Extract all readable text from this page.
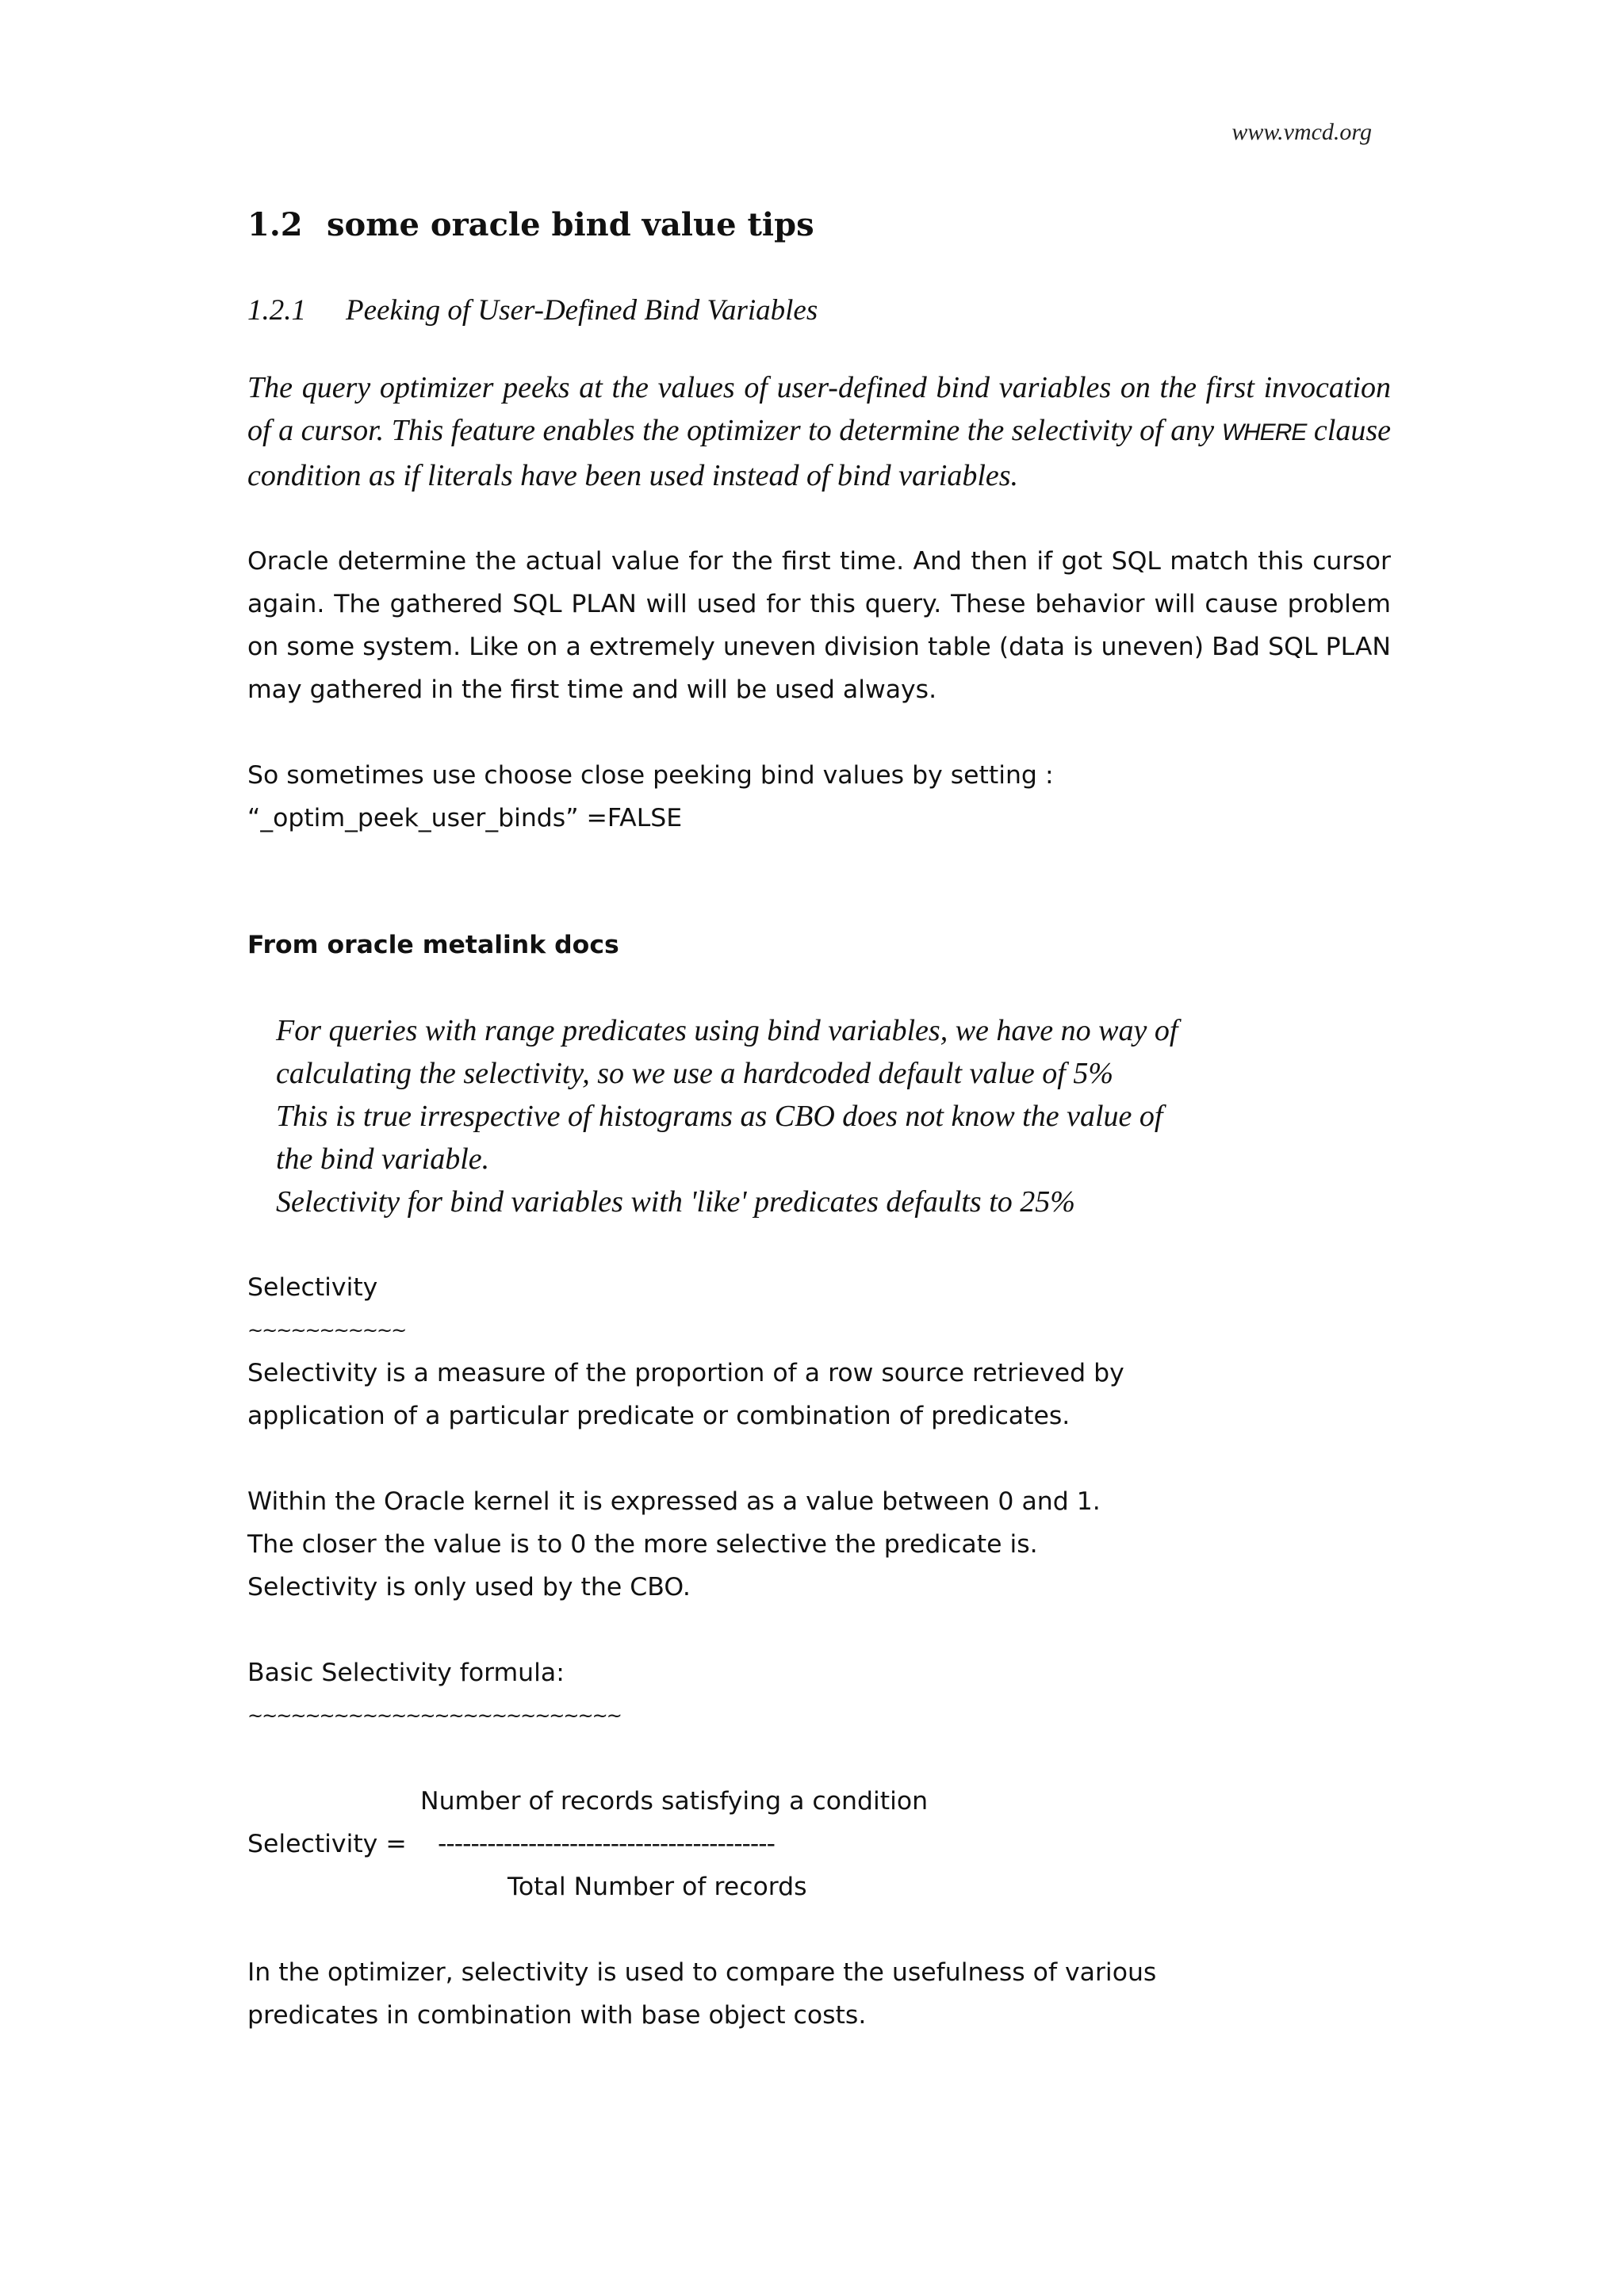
www.vmcd.org
1.2 some oracle bind value tips
1.2.1	Peeking of User-Defined Bind Variables

The query optimizer peeks at the values of user-defined bind variables on the first invocation of a cursor. This feature enables the optimizer to determine the selectivity of any WHERE clause condition as if literals have been used instead of bind variables.

Oracle determine the actual value for the first time. And then if got SQL match this cursor again. The gathered SQL PLAN will used for this query. These behavior will cause problem on some system. Like on a extremely uneven division table (data is uneven) Bad SQL PLAN may gathered in the first time and will be used always.

So sometimes use choose close peeking bind values by setting :
“_optim_peek_user_binds” =FALSE
From oracle metalink docs
For queries with range predicates using bind variables, we have no way of
calculating the selectivity, so we use a hardcoded default value of 5%
This is true irrespective of histograms as CBO does not know the value of
the bind variable.
Selectivity for bind variables with 'like' predicates defaults to 25%
Selectivity
~~~~~~~~~~~
Selectivity is a measure of the proportion of a row source retrieved by
application of a particular predicate or combination of predicates.
Within the Oracle kernel it is expressed as a value between 0 and 1.
The closer the value is to 0 the more selective the predicate is.
Selectivity is only used by the CBO.
Basic Selectivity formula:
~~~~~~~~~~~~~~~~~~~~~~~~~~
Number of records satisfying a condition
Selectivity = -----------------------------------------
Total Number of records
In the optimizer, selectivity is used to compare the usefulness of various
predicates in combination with base object costs.
